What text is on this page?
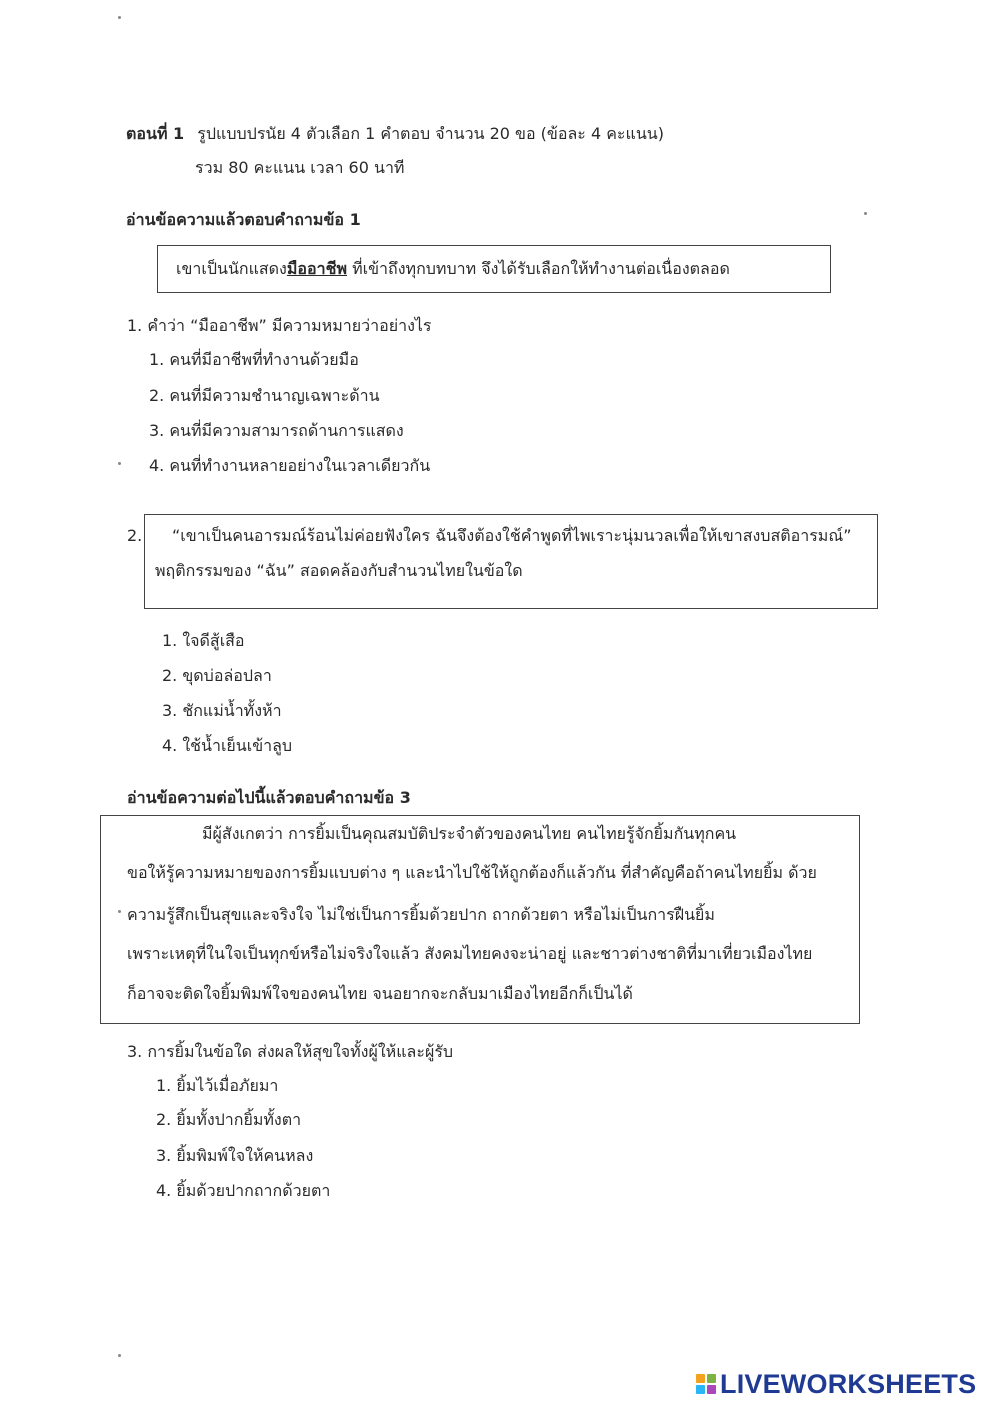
ตอนที่ 1 รูปแบบปรนัย 4 ตัวเลือก 1 คำตอบ จำนวน 20 ขอ (ข้อละ 4 คะแนน)
รวม 80 คะแนน เวลา 60 นาที
อ่านข้อความแล้วตอบคำถามข้อ 1
เขาเป็นนักแสดงมืออาชีพ ที่เข้าถึงทุกบทบาท จึงได้รับเลือกให้ทำงานต่อเนื่องตลอด
1. คำว่า “มืออาชีพ” มีความหมายว่าอย่างไร
1. คนที่มีอาชีพที่ทำงานด้วยมือ
2. คนที่มีความชำนาญเฉพาะด้าน
3. คนที่มีความสามารถด้านการแสดง
4. คนที่ทำงานหลายอย่างในเวลาเดียวกัน
2. “เขาเป็นคนอารมณ์ร้อนไม่ค่อยฟังใคร ฉันจึงต้องใช้คำพูดที่ไพเราะนุ่มนวลเพื่อให้เขาสงบสติอารมณ์”
พฤติกรรมของ “ฉัน” สอดคล้องกับสำนวนไทยในข้อใด
1. ใจดีสู้เสือ
2. ขุดบ่อล่อปลา
3. ชักแม่น้ำทั้งห้า
4. ใช้น้ำเย็นเข้าลูบ
อ่านข้อความต่อไปนี้แล้วตอบคำถามข้อ 3
มีผู้สังเกตว่า การยิ้มเป็นคุณสมบัติประจำตัวของคนไทย คนไทยรู้จักยิ้มกันทุกคน
ขอให้รู้ความหมายของการยิ้มแบบต่าง ๆ และนำไปใช้ให้ถูกต้องก็แล้วกัน ที่สำคัญคือถ้าคนไทยยิ้ม ด้วย
ความรู้สึกเป็นสุขและจริงใจ ไม่ใช่เป็นการยิ้มด้วยปาก ถากด้วยตา หรือไม่เป็นการฝืนยิ้ม
เพราะเหตุที่ในใจเป็นทุกข์หรือไม่จริงใจแล้ว สังคมไทยคงจะน่าอยู่ และชาวต่างชาติที่มาเที่ยวเมืองไทย
ก็อาจจะติดใจยิ้มพิมพ์ใจของคนไทย จนอยากจะกลับมาเมืองไทยอีกก็เป็นได้
3. การยิ้มในข้อใด ส่งผลให้สุขใจทั้งผู้ให้และผู้รับ
1. ยิ้มไว้เมื่อภัยมา
2. ยิ้มทั้งปากยิ้มทั้งตา
3. ยิ้มพิมพ์ใจให้คนหลง
4. ยิ้มด้วยปากถากด้วยตา
LIVEWORKSHEETS
